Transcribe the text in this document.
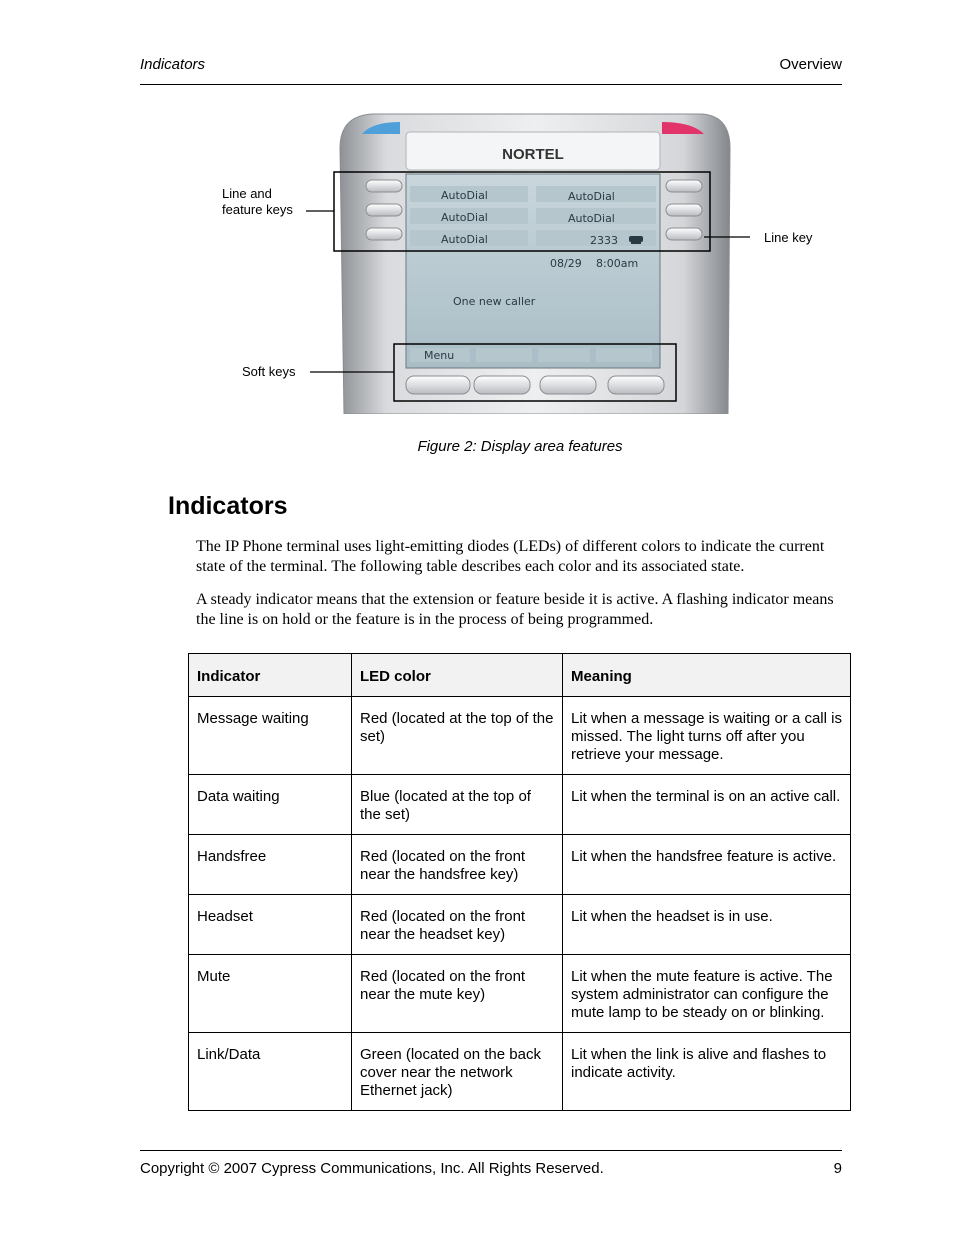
Indicators	Overview
NORTEL
AutoDial
AutoDial
AutoDial
AutoDial
AutoDial
2333
08/29 8:00am
One new caller
Menu
Line and feature keys
Line key
Soft keys
Figure 2: Display area features
Indicators

The IP Phone terminal uses light-emitting diodes (LEDs) of different colors to indicate the current state of the terminal. The following table describes each color and its associated state.

A steady indicator means that the extension or feature beside it is active. A flashing indicator means the line is on hold or the feature is in the process of being programmed.

Indicator	LED color	Meaning
Message waiting	Red (located at the top of the set)	Lit when a message is waiting or a call is missed. The light turns off after you retrieve your message.
Data waiting	Blue (located at the top of the set)	Lit when the terminal is on an active call.
Handsfree	Red (located on the front near the handsfree key)	Lit when the handsfree feature is active.
Headset	Red (located on the front near the headset key)	Lit when the headset is in use.
Mute	Red (located on the front near the mute key)	Lit when the mute feature is active. The system administrator can configure the mute lamp to be steady on or blinking.
Link/Data	Green (located on the back cover near the network Ethernet jack)	Lit when the link is alive and flashes to indicate activity.
Copyright © 2007 Cypress Communications, Inc. All Rights Reserved.	9
